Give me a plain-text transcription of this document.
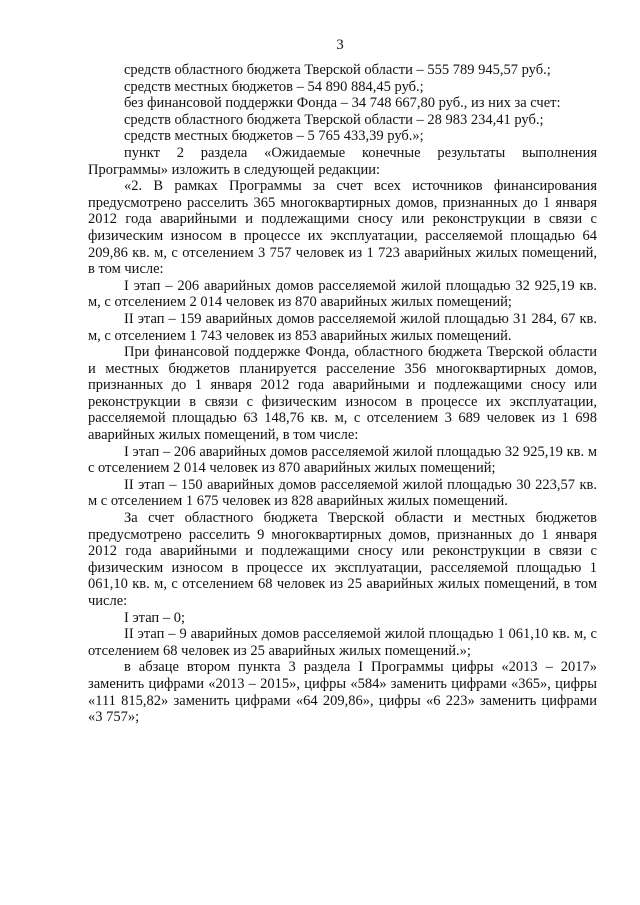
3

средств областного бюджета Тверской области – 555 789 945,57 руб.;

средств местных бюджетов – 54 890 884,45 руб.;

без финансовой поддержки Фонда – 34 748 667,80 руб., из них за счет:

средств областного бюджета Тверской области – 28 983 234,41 руб.;

средств местных бюджетов – 5 765 433,39 руб.»;

пункт 2 раздела «Ожидаемые конечные результаты выполнения Программы» изложить в следующей редакции:

«2. В рамках Программы за счет всех источников финансирования предусмотрено расселить 365 многоквартирных домов, признанных до 1 января 2012 года аварийными и подлежащими сносу или реконструкции в связи с физическим износом в процессе их эксплуатации, расселяемой площадью 64 209,86 кв. м, с отселением 3 757 человек из 1 723 аварийных жилых помещений, в том числе:

I этап – 206 аварийных домов расселяемой жилой площадью 32 925,19 кв. м, с отселением 2 014 человек из 870 аварийных жилых помещений;

II этап – 159 аварийных домов расселяемой жилой площадью 31 284, 67 кв. м, с отселением 1 743 человек из 853 аварийных жилых помещений.

При финансовой поддержке Фонда, областного бюджета Тверской области и местных бюджетов планируется расселение 356 многоквартирных домов, признанных до 1 января 2012 года аварийными и подлежащими сносу или реконструкции в связи с физическим износом в процессе их эксплуатации, расселяемой площадью 63 148,76 кв. м, с отселением 3 689 человек из 1 698 аварийных жилых помещений, в том числе:

I этап – 206 аварийных домов расселяемой жилой площадью 32 925,19 кв. м с отселением 2 014 человек из 870 аварийных жилых помещений;

II этап – 150 аварийных домов расселяемой жилой площадью 30 223,57 кв. м с отселением 1 675 человек из 828 аварийных жилых помещений.

За счет областного бюджета Тверской области и местных бюджетов предусмотрено расселить 9 многоквартирных домов, признанных до 1 января 2012 года аварийными и подлежащими сносу или реконструкции в связи с физическим износом в процессе их эксплуатации, расселяемой площадью 1 061,10 кв. м, с отселением 68 человек из 25 аварийных жилых помещений, в том числе:

I этап – 0;

II этап – 9 аварийных домов расселяемой жилой площадью 1 061,10 кв. м, с отселением 68 человек из 25 аварийных жилых помещений.»;

в абзаце втором пункта 3 раздела I Программы цифры «2013 – 2017» заменить цифрами «2013 – 2015», цифры «584» заменить цифрами «365», цифры «111 815,82» заменить цифрами «64 209,86», цифры «6 223» заменить цифрами «3 757»;
